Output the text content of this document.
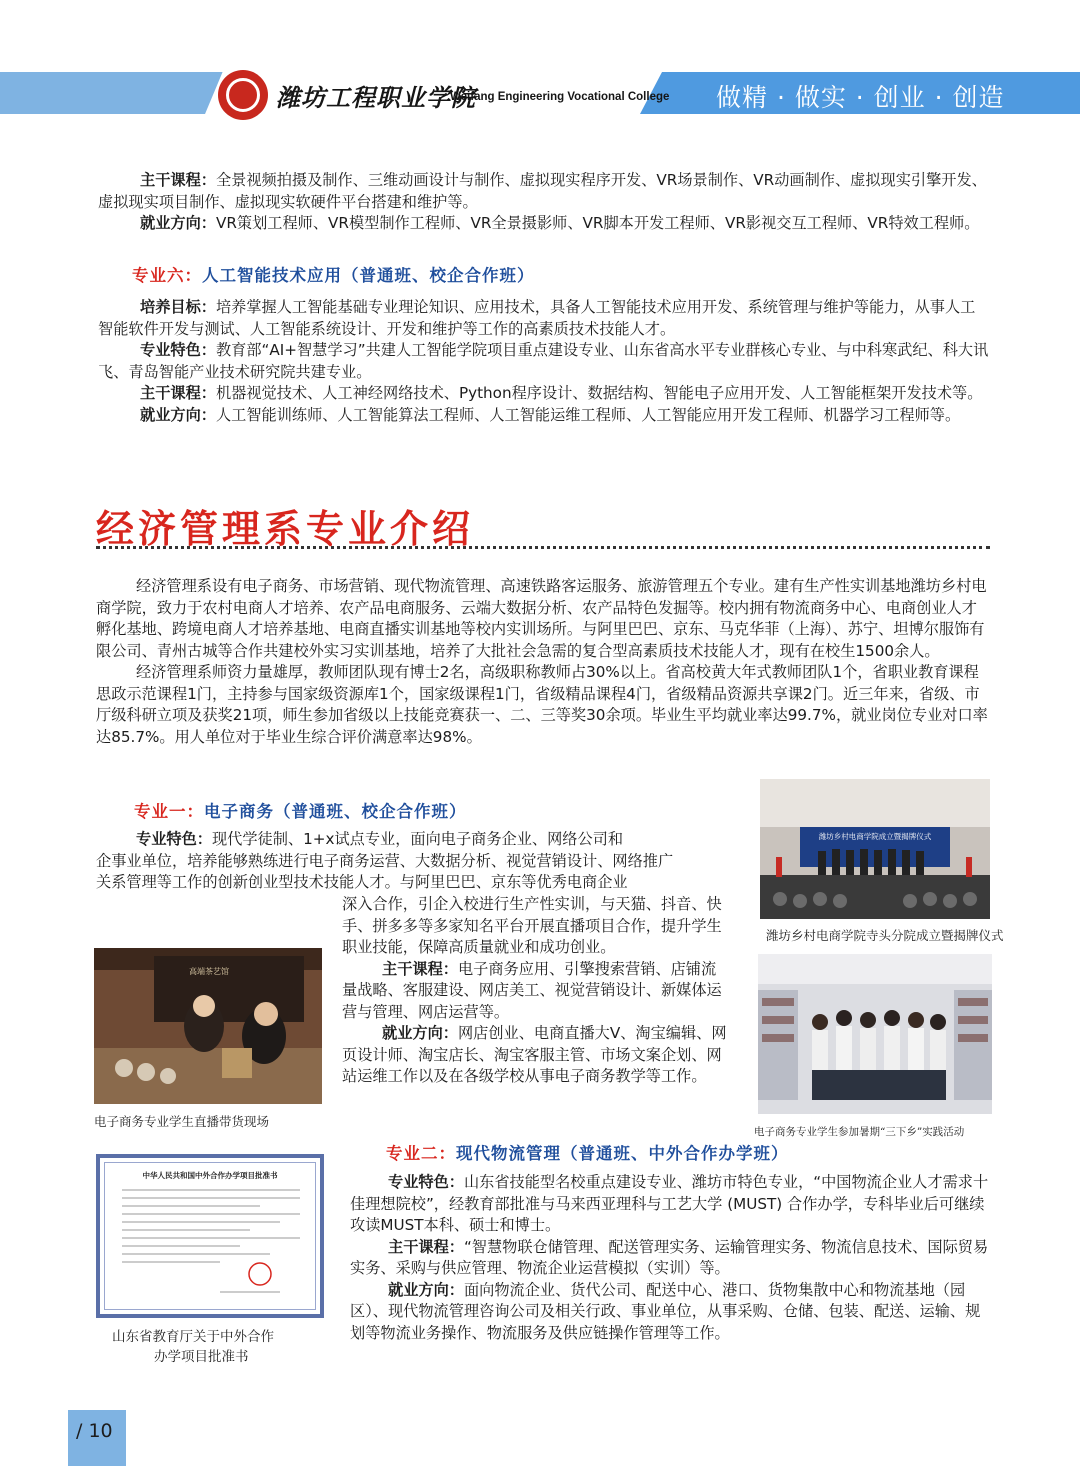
潍坊工程职业学院
Weifang Engineering Vocational College 做精 · 做实 · 创业 · 创造

主干课程：全景视频拍摄及制作、三维动画设计与制作、虚拟现实程序开发、VR场景制作、VR动画制作、虚拟现实引擎开发、虚拟现实项目制作、虚拟现实软硬件平台搭建和维护等。

就业方向：VR策划工程师、VR模型制作工程师、VR全景摄影师、VR脚本开发工程师、VR影视交互工程师、VR特效工程师。

专业六：人工智能技术应用（普通班、校企合作班）

培养目标：培养掌握人工智能基础专业理论知识、应用技术，具备人工智能技术应用开发、系统管理与维护等能力，从事人工智能软件开发与测试、人工智能系统设计、开发和维护等工作的高素质技术技能人才。

专业特色：教育部“AI+智慧学习”共建人工智能学院项目重点建设专业、山东省高水平专业群核心专业、与中科寒武纪、科大讯飞、青岛智能产业技术研究院共建专业。

主干课程：机器视觉技术、人工神经网络技术、Python程序设计、数据结构、智能电子应用开发、人工智能框架开发技术等。

就业方向：人工智能训练师、人工智能算法工程师、人工智能运维工程师、人工智能应用开发工程师、机器学习工程师等。

经济管理系专业介绍

经济管理系设有电子商务、市场营销、现代物流管理、高速铁路客运服务、旅游管理五个专业。建有生产性实训基地潍坊乡村电商学院，致力于农村电商人才培养、农产品电商服务、云端大数据分析、农产品特色发掘等。校内拥有物流商务中心、电商创业人才孵化基地、跨境电商人才培养基地、电商直播实训基地等校内实训场所。与阿里巴巴、京东、马克华菲（上海）、苏宁、坦博尔服饰有限公司、青州古城等合作共建校外实习实训基地，培养了大批社会急需的复合型高素质技术技能人才，现有在校生1500余人。

经济管理系师资力量雄厚，教师团队现有博士2名，高级职称教师占30%以上。省高校黄大年式教师团队1个，省职业教育课程思政示范课程1门，主持参与国家级资源库1个，国家级课程1门，省级精品课程4门，省级精品资源共享课2门。近三年来，省级、市厅级科研立项及获奖21项，师生参加省级以上技能竞赛获一、二、三等奖30余项。毕业生平均就业率达99.7%，就业岗位专业对口率达85.7%。用人单位对于毕业生综合评价满意率达98%。

专业一：电子商务（普通班、校企合作班）
专业特色：现代学徒制、1+x试点专业，面向电子商务企业、网络公司和
企事业单位，培养能够熟练进行电子商务运营、大数据分析、视觉营销设计、网络推广
关系管理等工作的创新创业型技术技能人才。与阿里巴巴、京东等优秀电商企业

深入合作，引企入校进行生产性实训，与天猫、抖音、快手、拼多多等多家知名平台开展直播项目合作，提升学生职业技能，保障高质量就业和成功创业。

主干课程：电子商务应用、引擎搜索营销、店铺流量战略、客服建设、网店美工、视觉营销设计、新媒体运营与管理、网店运营等。

就业方向：网店创业、电商直播大V、淘宝编辑、网页设计师、淘宝店长、淘宝客服主管、市场文案企划、网站运维工作以及在各级学校从事电子商务教学等工作。

潍坊乡村电商学院成立暨揭牌仪式
潍坊乡村电商学院寺头分院成立暨揭牌仪式
高端茶艺馆
电子商务专业学生直播带货现场
电子商务专业学生参加暑期“三下乡”实践活动
中华人民共和国中外合作办学项目批准书
山东省教育厅关于中外合作
办学项目批准书
专业二：现代物流管理（普通班、中外合作办学班）

专业特色：山东省技能型名校重点建设专业、潍坊市特色专业，“中国物流企业人才需求十佳理想院校”，经教育部批准与马来西亚理科与工艺大学 (MUST) 合作办学，专科毕业后可继续攻读MUST本科、硕士和博士。

主干课程：“智慧物联仓储管理、配送管理实务、运输管理实务、物流信息技术、国际贸易实务、采购与供应管理、物流企业运营模拟（实训）等。

就业方向：面向物流企业、货代公司、配送中心、港口、货物集散中心和物流基地（园区）、现代物流管理咨询公司及相关行政、事业单位，从事采购、仓储、包装、配送、运输、规划等物流业务操作、物流服务及供应链操作管理等工作。

/ 10
